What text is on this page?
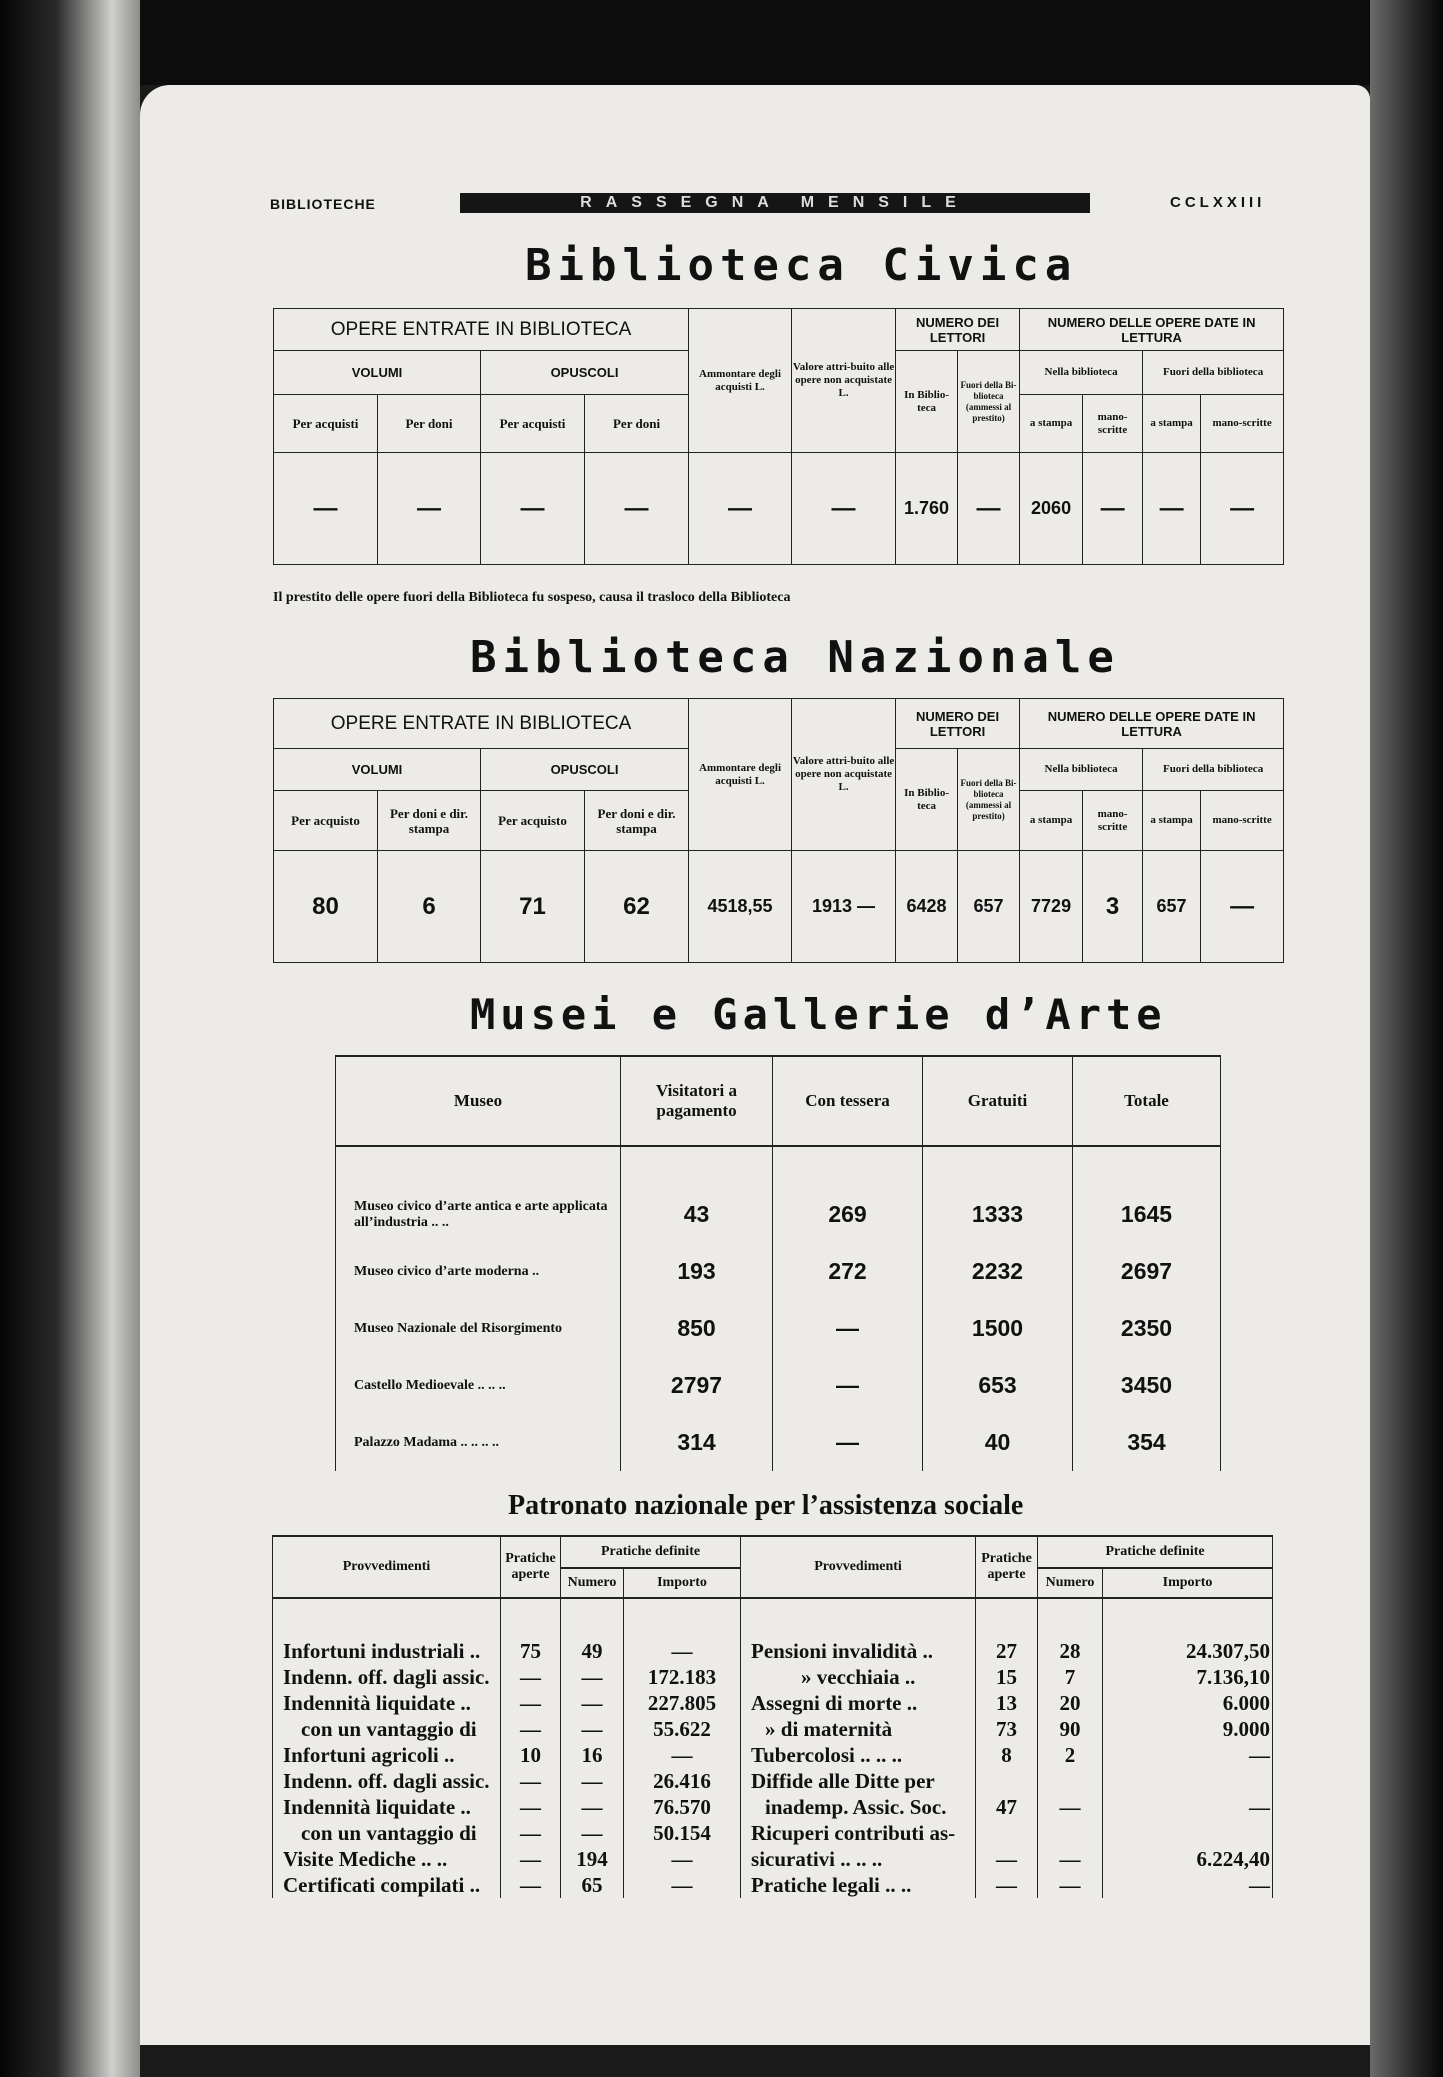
BIBLIOTECHE	RASSEGNA MENSILE	CCLXXIII
Biblioteca Civica
OPERE ENTRATE IN BIBLIOTECA				Ammontare degli acquisti L.	Valore attri-buito alle opere non acquistate L.	NUMERO DEI LETTORI		NUMERO DELLE OPERE DATE IN LETTURA			
VOLUMI		OPUSCOLI				In Biblio-teca	Fuori della Bi-blioteca (ammessi al prestito)	Nella biblioteca		Fuori della biblioteca	
Per acquisti	Per doni	Per acquisti	Per doni					a stampa	mano-scritte	a stampa	mano-scritte
—	—	—	—	—	—	1.760	—	2060	—	—	—
Il prestito delle opere fuori della Biblioteca fu sospeso, causa il trasloco della Biblioteca
Biblioteca Nazionale
OPERE ENTRATE IN BIBLIOTECA				Ammontare degli acquisti L.	Valore attri-buito alle opere non acquistate L.	NUMERO DEI LETTORI		NUMERO DELLE OPERE DATE IN LETTURA			
VOLUMI		OPUSCOLI				In Biblio-teca	Fuori della Bi-blioteca (ammessi al prestito)	Nella biblioteca		Fuori della biblioteca	
Per acquisto	Per doni e dir. stampa	Per acquisto	Per doni e dir. stampa					a stampa	mano-scritte	a stampa	mano-scritte
80	6	71	62	4518,55	1913 —	6428	657	7729	3	657	—
Musei e Gallerie d’Arte
Museo	Visitatori a pagamento	Con tessera	Gratuiti	Totale

Museo civico d’arte antica e arte applicata all’industria .. ..	43	269	1333	1645
Museo civico d’arte moderna ..	193	272	2232	2697
Museo Nazionale del Risorgimento	850	—	1500	2350
Castello Medioevale .. .. ..	2797	—	653	3450
Palazzo Madama .. .. .. ..	314	—	40	354
Patronato nazionale per l’assistenza sociale
Provvedimenti	Pratiche aperte	Pratiche definite		Provvedimenti	Pratiche aperte	Pratiche definite	
		Numero	Importo			Numero	Importo

Infortuni industriali ..	75	49	—	Pensioni invalidità ..	27	28	24.307,50
Indenn. off. dagli assic.	—	—	172.183	» vecchiaia ..	15	7	7.136,10
Indennità liquidate ..	—	—	227.805	Assegni di morte ..	13	20	6.000
con un vantaggio di	—	—	55.622	» di maternità	73	90	9.000
Infortuni agricoli ..	10	16	—	Tubercolosi .. .. ..	8	2	—
Indenn. off. dagli assic.	—	—	26.416	Diffide alle Ditte per			
Indennità liquidate ..	—	—	76.570	inademp. Assic. Soc.	47	—	—
con un vantaggio di	—	—	50.154	Ricuperi contributi as-			
Visite Mediche .. ..	—	194	—	sicurativi .. .. ..	—	—	6.224,40
Certificati compilati ..	—	65	—	Pratiche legali .. ..	—	—	—
